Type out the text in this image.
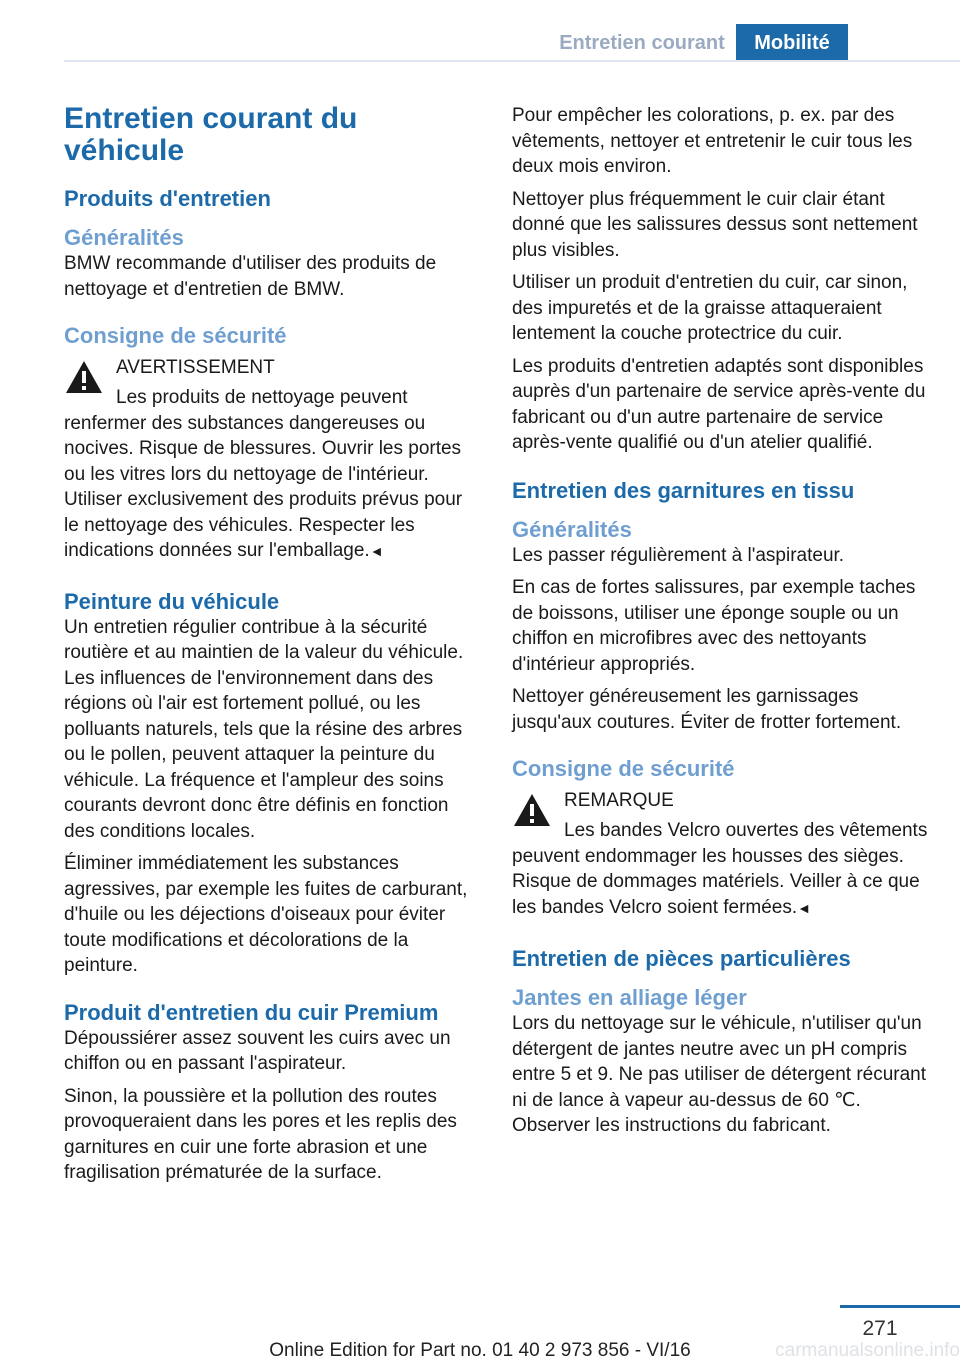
Entretien courant	Mobilité
Entretien courant du véhicule
Produits d'entretien
Généralités

BMW recommande d'utiliser des produits de nettoyage et d'entretien de BMW.

Consigne de sécurité

AVERTISSEMENT

Les produits de nettoyage peuvent renfermer des substances dangereuses ou nocives. Risque de blessures. Ouvrir les portes ou les vitres lors du nettoyage de l'intérieur. Utiliser exclusivement des produits prévus pour le nettoyage des véhicules. Respecter les indications données sur l'emballage.◄

Peinture du véhicule

Un entretien régulier contribue à la sécurité routière et au maintien de la valeur du véhicule. Les influences de l'environnement dans des régions où l'air est fortement pollué, ou les polluants naturels, tels que la résine des arbres ou le pollen, peuvent attaquer la peinture du véhicule. La fréquence et l'ampleur des soins courants devront donc être définis en fonction des conditions locales.

Éliminer immédiatement les substances agressives, par exemple les fuites de carburant, d'huile ou les déjections d'oiseaux pour éviter toute modifications et décolorations de la peinture.

Produit d'entretien du cuir Premium

Dépoussiérer assez souvent les cuirs avec un chiffon ou en passant l'aspirateur.

Sinon, la poussière et la pollution des routes provoqueraient dans les pores et les replis des garnitures en cuir une forte abrasion et une fragilisation prématurée de la surface.

Pour empêcher les colorations, p. ex. par des vêtements, nettoyer et entretenir le cuir tous les deux mois environ.

Nettoyer plus fréquemment le cuir clair étant donné que les salissures dessus sont nettement plus visibles.

Utiliser un produit d'entretien du cuir, car sinon, des impuretés et de la graisse attaqueraient lentement la couche protectrice du cuir.

Les produits d'entretien adaptés sont disponibles auprès d'un partenaire de service après-vente du fabricant ou d'un autre partenaire de service après-vente qualifié ou d'un atelier qualifié.

Entretien des garnitures en tissu
Généralités

Les passer régulièrement à l'aspirateur.

En cas de fortes salissures, par exemple taches de boissons, utiliser une éponge souple ou un chiffon en microfibres avec des nettoyants d'intérieur appropriés.

Nettoyer généreusement les garnissages jusqu'aux coutures. Éviter de frotter fortement.

Consigne de sécurité

REMARQUE

Les bandes Velcro ouvertes des vêtements peuvent endommager les housses des sièges. Risque de dommages matériels. Veiller à ce que les bandes Velcro soient fermées.◄

Entretien de pièces particulières
Jantes en alliage léger

Lors du nettoyage sur le véhicule, n'utiliser qu'un détergent de jantes neutre avec un pH compris entre 5 et 9. Ne pas utiliser de détergent récurant ni de lance à vapeur au-dessus de 60 ℃. Observer les instructions du fabricant.

271
Online Edition for Part no. 01 40 2 973 856 - VI/16	carmanualsonline.info
